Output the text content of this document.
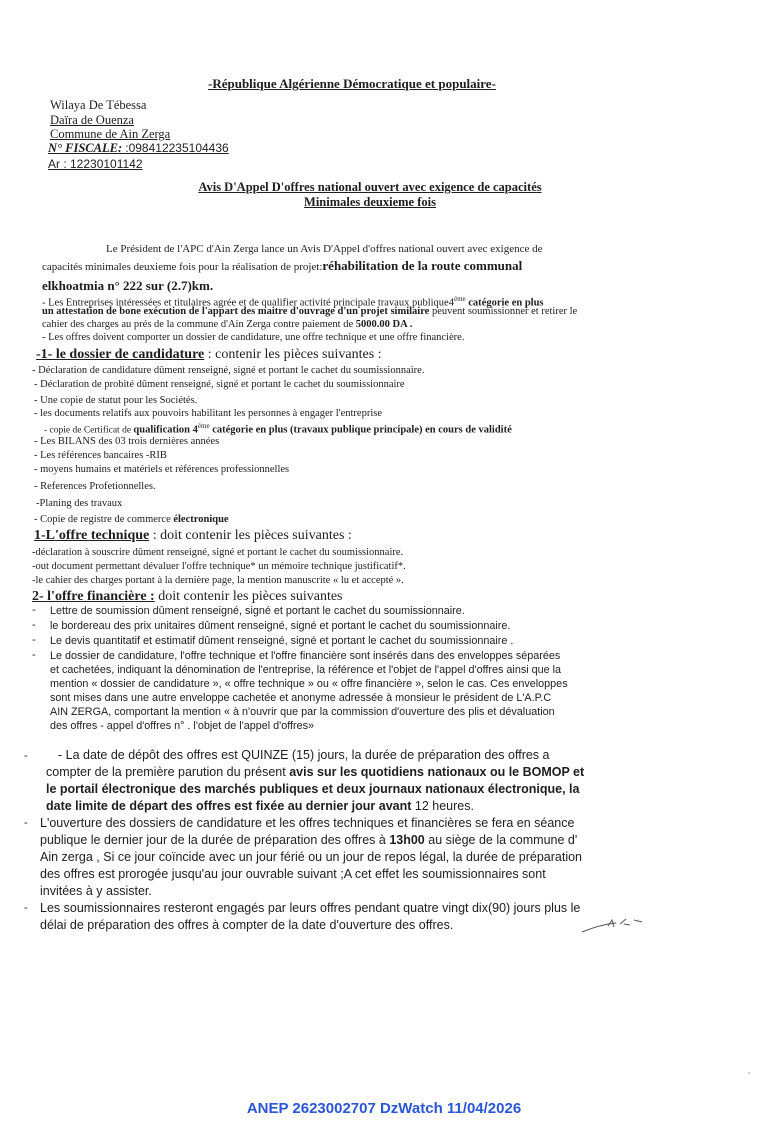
-République Algérienne Démocratique et populaire-
Wilaya De Tébessa
Daïra de Ouenza
Commune de Ain Zerga
N° FISCALE: :098412235104436
Ar : 12230101142
Avis D'Appel D'offres national ouvert avec exigence de capacités
Minimales deuxieme fois
Le Président de l'APC d'Ain Zerga lance un Avis D'Appel d'offres national ouvert avec exigence de
capacités minimales deuxieme fois pour la réalisation de projet:réhabilitation de la route communal
elkhoatmia n° 222 sur (2.7)km.
- Les Entreprises intéressées et titulaires agrée et de qualifier activité principale travaux $publique4^{éme}$ catégorie en plus
un attestation de bone exécution de l'appart des maitre d'ouvrage d'un projet similaire peuvent soumissionner et retirer le
cahier des charges au prés de la commune d'Ain Zerga contre paiement de 5000.00 DA .
- Les offres doivent comporter un dossier de candidature, une offre technique et une offre financière.
-1- le dossier de candidature : contenir les pièces suivantes :
- Déclaration de candidature dûment renseigné, signé et portant le cachet du soumissionnaire.
- Déclaration de probité dûment renseigné, signé et portant le cachet du soumissionnaire
- Une copie de statut pour les Sociétés.
- les documents relatifs aux pouvoirs habilitant les personnes à engager l'entreprise
- copie de Certificat de qualification $4^{éme}$ catégorie en plus (travaux publique principale) en cours de validité
- Les BILANS des 03 trois dernières années
- Les références bancaires -RIB
- moyens humains et matériels et références professionnelles
- References Profetionnelles.
-Planing des travaux
- Copie de registre de commerce électronique
1-L'offre technique : doit contenir les pièces suivantes :
-déclaration à souscrire dûment renseigné, signé et portant le cachet du soumissionnaire.
-out document permettant dévaluer l'offre technique* un mémoire technique justificatif*.
-le cahier des charges portant à la dernière page, la mention manuscrite « lu et accepté ».
2- l'offre financière : doit contenir les pièces suivantes
- Lettre de soumission dûment renseigné, signé et portant le cachet du soumissionnaire.
- le bordereau des prix unitaires dûment renseigné, signé et portant le cachet du soumissionnaire.
- Le devis quantitatif et estimatif dûment renseigné, signé et portant le cachet du soumissionnaire .
- Le dossier de candidature, l'offre technique et l'offre financière sont insérés dans des enveloppes séparées
et cachetées, indiquant la dénomination de l'entreprise, la référence et l'objet de l'appel d'offres ainsi que la
mention « dossier de candidature », « offre technique » ou « offre financière », selon le cas. Ces enveloppes
sont mises dans une autre enveloppe cachetée et anonyme adressée à monsieur le président de L'A.P.C
AIN ZERGA, comportant la mention « à n'ouvrir que par la commission d'ouverture des plis et dévaluation
des offres - appel d'offres n° . l'objet de l'appel d'offres»
- - La date de dépôt des offres est QUINZE (15) jours, la durée de préparation des offres a
compter de la première parution du présent avis sur les quotidiens nationaux ou le BOMOP et
le portail électronique des marchés publiques et deux journaux nationaux électronique, la
date limite de départ des offres est fixée au dernier jour avant 12 heures.
- L'ouverture des dossiers de candidature et les offres techniques et financières se fera en séance
publique le dernier jour de la durée de préparation des offres à 13h00 au siège de la commune d'
Ain zerga , Si ce jour coïncide avec un jour férié ou un jour de repos légal, la durée de préparation
des offres est prorogée jusqu'au jour ouvrable suivant ;A cet effet les soumissionnaires sont
invitées à y assister.
- Les soumissionnaires resteront engagés par leurs offres pendant quatre vingt dix(90) jours plus le
délai de préparation des offres à compter de la date d'ouverture des offres.
ANEP 2623002707 DzWatch 11/04/2026
